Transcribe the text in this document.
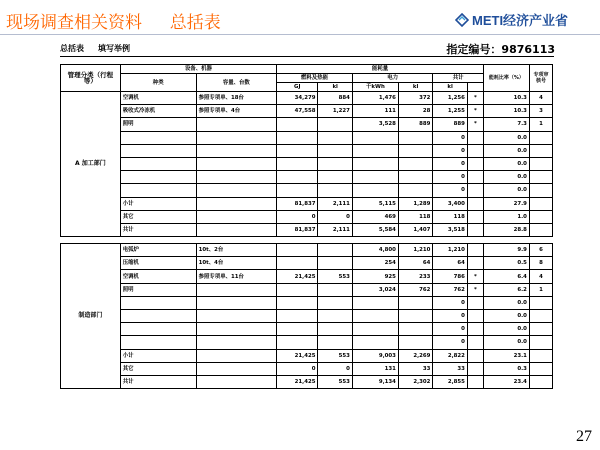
现场调查相关资料 　 总括表	METI经济产业省
总括表 填写举例	指定编号：9876113
管理分类（行程等）	设备、机器		能耗量						能耗比率（%）	专项审核号
	种类	容量、台数	燃料及热能		电力		共计			
			GJ	kl	千kWh	kl	kl			
A 加工部门	空调机	参照专项单、18台	34,279	884	1,476	372	1,256	*	10.3	4
	吸收式冷冻机	参照专项单、4台	47,558	1,227	111	28	1,255	*	10.3	3
	照明				3,528	889	889	*	7.3	1
							0		0.0	
							0		0.0	
							0		0.0	
							0		0.0	
							0		0.0	
	小计		81,837	2,111	5,115	1,289	3,400		27.9	
	其它		0	0	469	118	118		1.0	
	共计		81,837	2,111	5,584	1,407	3,518		28.8	

制造部门	电弧炉	10t、2台			4,800	1,210	1,210		9.9	6
	压缩机	10t、4台			254	64	64		0.5	8
	空调机	参照专项单、11台	21,425	553	925	233	786	*	6.4	4
	照明				3,024	762	762	*	6.2	1
							0		0.0	
							0		0.0	
							0		0.0	
							0		0.0	
	小计		21,425	553	9,003	2,269	2,822		23.1	
	其它		0	0	131	33	33		0.3	
	共计		21,425	553	9,134	2,302	2,855		23.4	
27
